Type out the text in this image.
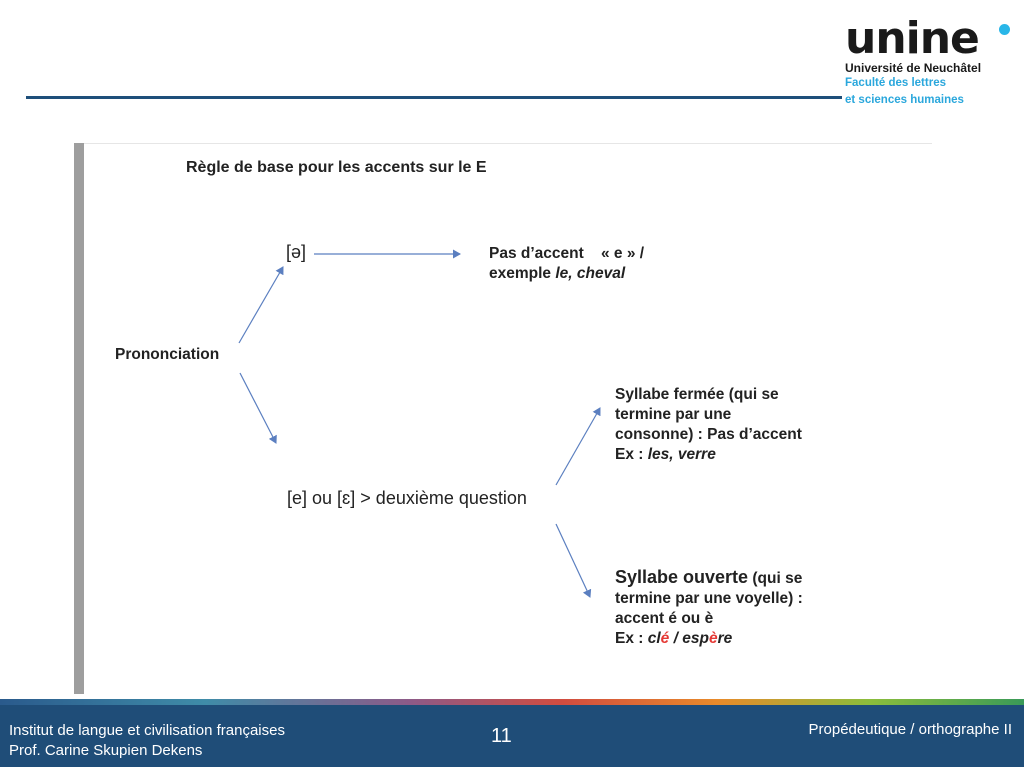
unine
Université de Neuchâtel
Faculté des lettres
et sciences humaines
Règle de base pour les accents sur le E
[ə]	Pas d’accent    « e » /
exemple le, cheval
Prononciation
[e] ou [ɛ] > deuxième question
Syllabe fermée (qui se
termine par une
consonne) : Pas d’accent
Ex : les, verre
Syllabe ouverte (qui se
termine par une voyelle) :
accent é ou è
Ex : clé / espère
Institut de langue et civilisation françaises
Prof. Carine Skupien Dekens
11	Propédeutique / orthographe II
